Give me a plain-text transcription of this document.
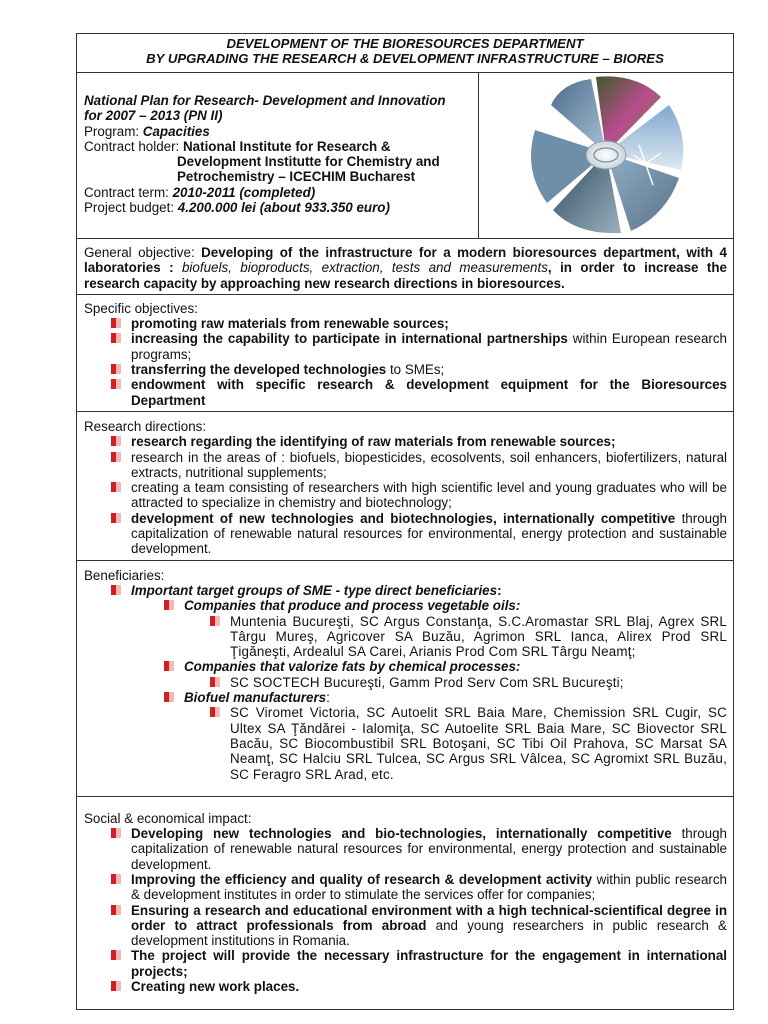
DEVELOPMENT OF THE BIORESOURCES DEPARTMENT
BY UPGRADING THE RESEARCH & DEVELOPMENT INFRASTRUCTURE – BIORES
National Plan for Research- Development and Innovation
for 2007 – 2013 (PN II)
Program: Capacities
Contract holder: National Institute for Research &
Development Institutte for Chemistry and
Petrochemistry – ICECHIM Bucharest
Contract term: 2010-2011 (completed)
Project budget: 4.200.000 lei (about 933.350 euro)
General objective: Developing of the infrastructure for a modern bioresources department, with 4 laboratories : biofuels, bioproducts, extraction, tests and measurements, in order to increase the research capacity by approaching new research directions in bioresources.

Specific objectives:

promoting raw materials from renewable sources;
increasing the capability to participate in international partnerships within European research programs;
transferring the developed technologies to SMEs;
endowment with specific research & development equipment for the Bioresources Department

Research directions:

research regarding the identifying of raw materials from renewable sources;
research in the areas of : biofuels, biopesticides, ecosolvents, soil enhancers, biofertilizers, natural extracts, nutritional supplements;
creating a team consisting of researchers with high scientific level and young graduates who will be attracted to specialize in chemistry and biotechnology;
development of new technologies and biotechnologies, internationally competitive through capitalization of renewable natural resources for environmental, energy protection and sustainable development.

Beneficiaries:

Important target groups of SME - type direct beneficiaries:
Companies that produce and process vegetable oils:
Muntenia Bucureşti, SC Argus Constanţa, S.C.Aromastar SRL Blaj, Agrex SRL Târgu Mureş, Agricover SA Buzău, Agrimon SRL Ianca, Alirex Prod SRL Ţigăneşti, Ardealul SA Carei, Arianis Prod Com SRL Târgu Neamţ;
Companies that valorize fats by chemical processes:
SC SOCTECH Bucureşti, Gamm Prod Serv Com SRL Bucureşti;
Biofuel manufacturers:
SC Viromet Victoria, SC Autoelit SRL Baia Mare, Chemission SRL Cugir, SC Ultex SA Ţăndărei - Ialomiţa, SC Autoelite SRL Baia Mare, SC Biovector SRL Bacău, SC Biocombustibil SRL Botoşani, SC Tibi Oil Prahova, SC Marsat SA Neamţ, SC Halciu SRL Tulcea, SC Argus SRL Vâlcea, SC Agromixt SRL Buzău, SC Feragro SRL Arad, etc.

Social & economical impact:

Developing new technologies and bio-technologies, internationally competitive through capitalization of renewable natural resources for environmental, energy protection and sustainable development.
Improving the efficiency and quality of research & development activity within public research & development institutes in order to stimulate the services offer for companies;
Ensuring a research and educational environment with a high technical-scientifical degree in order to attract professionals from abroad and young researchers in public research & development institutions in Romania.
The project will provide the necessary infrastructure for the engagement in international projects;
Creating new work places.
